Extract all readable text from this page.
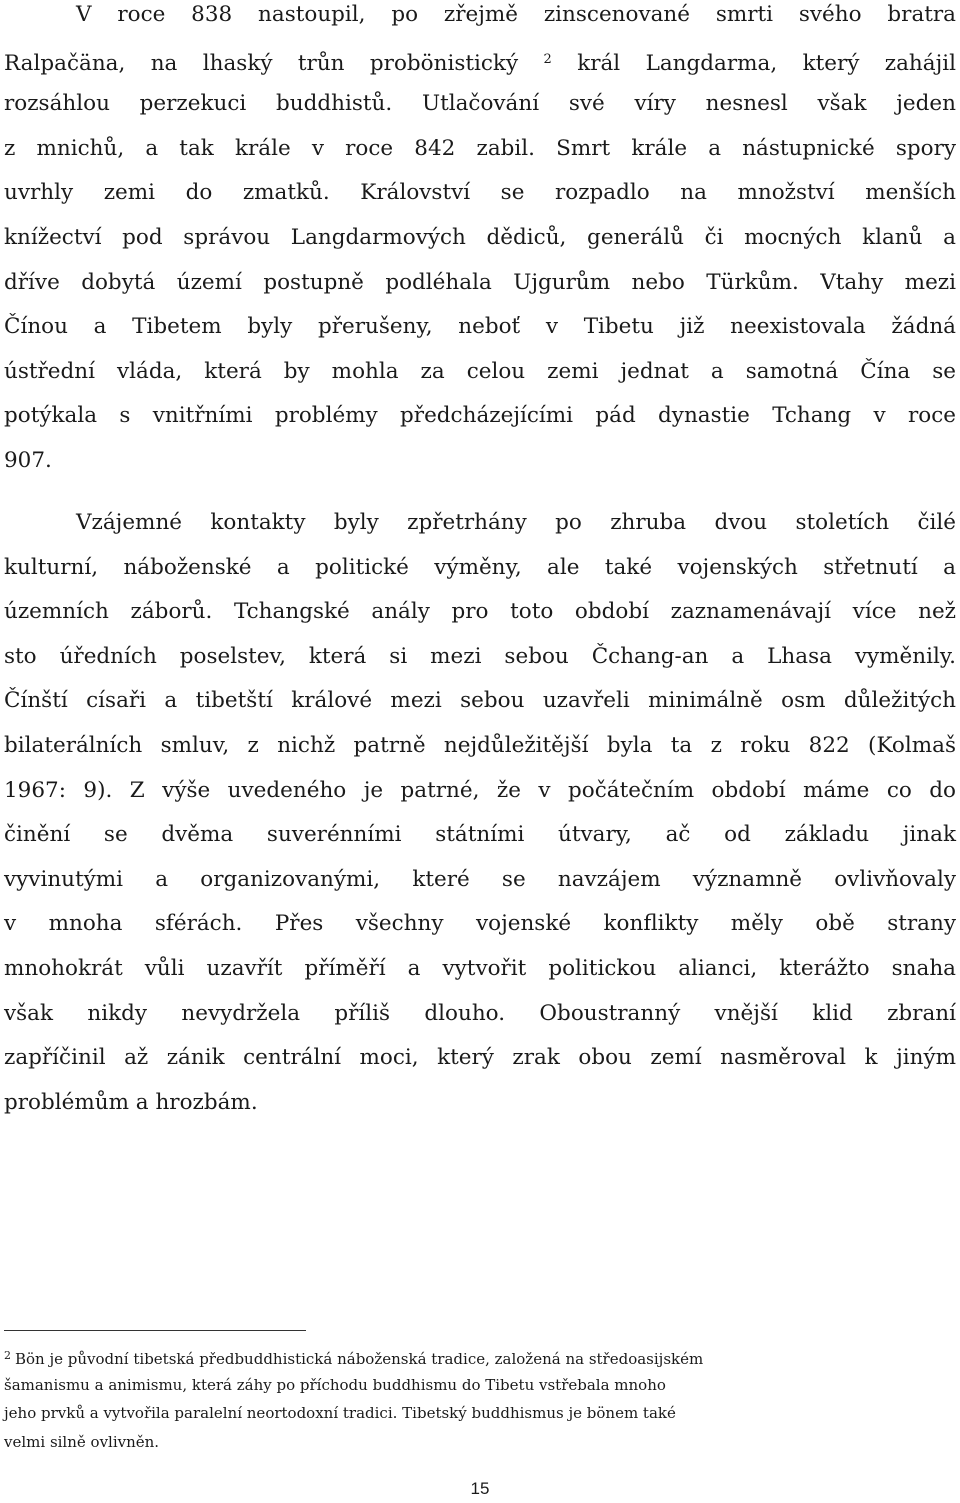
V roce 838 nastoupil, po zřejmě zinscenované smrti svého bratra
Ralpačäna, na lhaský trůn probönistický $^2$ král Langdarma, který zahájil
rozsáhlou perzekuci buddhistů. Utlačování své víry nesnesl však jeden
z mnichů, a tak krále v roce 842 zabil. Smrt krále a nástupnické spory
uvrhly zemi do zmatků. Království se rozpadlo na množství menších
knížectví pod správou Langdarmových dědiců, generálů či mocných klanů a
dříve dobytá území postupně podléhala Ujgurům nebo Türkům. Vtahy mezi
Čínou a Tibetem byly přerušeny, neboť v Tibetu již neexistovala žádná
ústřední vláda, která by mohla za celou zemi jednat a samotná Čína se
potýkala s vnitřními problémy předcházejícími pád dynastie Tchang v roce
907.
Vzájemné kontakty byly zpřetrhány po zhruba dvou stoletích čilé
kulturní, náboženské a politické výměny, ale také vojenských střetnutí a
územních záborů. Tchangské anály pro toto období zaznamenávají více než
sto úředních poselstev, která si mezi sebou Čchang-an a Lhasa vyměnily.
Čínští císaři a tibetští králové mezi sebou uzavřeli minimálně osm důležitých
bilaterálních smluv, z nichž patrně nejdůležitější byla ta z roku 822 (Kolmaš
1967: 9). Z výše uvedeného je patrné, že v počátečním období máme co do
činění se dvěma suverénními státními útvary, ač od základu jinak
vyvinutými a organizovanými, které se navzájem významně ovlivňovaly
v mnoha sférách. Přes všechny vojenské konflikty měly obě strany
mnohokrát vůli uzavřít příměří a vytvořit politickou alianci, kterážto snaha
však nikdy nevydržela příliš dlouho. Oboustranný vnější klid zbraní
zapříčinil až zánik centrální moci, který zrak obou zemí nasměroval k jiným
problémům a hrozbám.
$^2$ Bön je původní tibetská předbuddhistická náboženská tradice, založená na středoasijském
šamanismu a animismu, která záhy po příchodu buddhismu do Tibetu vstřebala mnoho
jeho prvků a vytvořila paralelní neortodoxní tradici. Tibetský buddhismus je bönem také
velmi silně ovlivněn.
15
